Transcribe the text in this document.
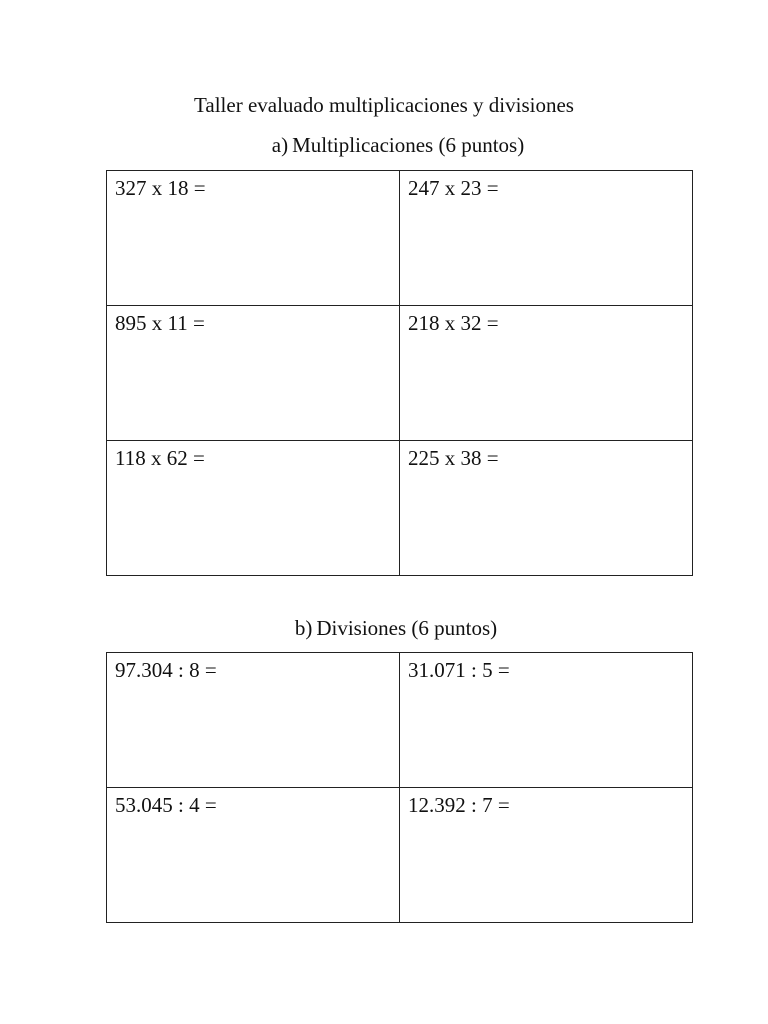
Taller evaluado multiplicaciones y divisiones
a) Multiplicaciones (6 puntos)
327 x 18 =	247 x 23 =
895 x 11 =	218 x 32 =
118 x 62 =	225 x 38 =
b) Divisiones (6 puntos)
97.304 : 8 =	31.071 : 5 =
53.045 : 4 =	12.392 : 7 =
